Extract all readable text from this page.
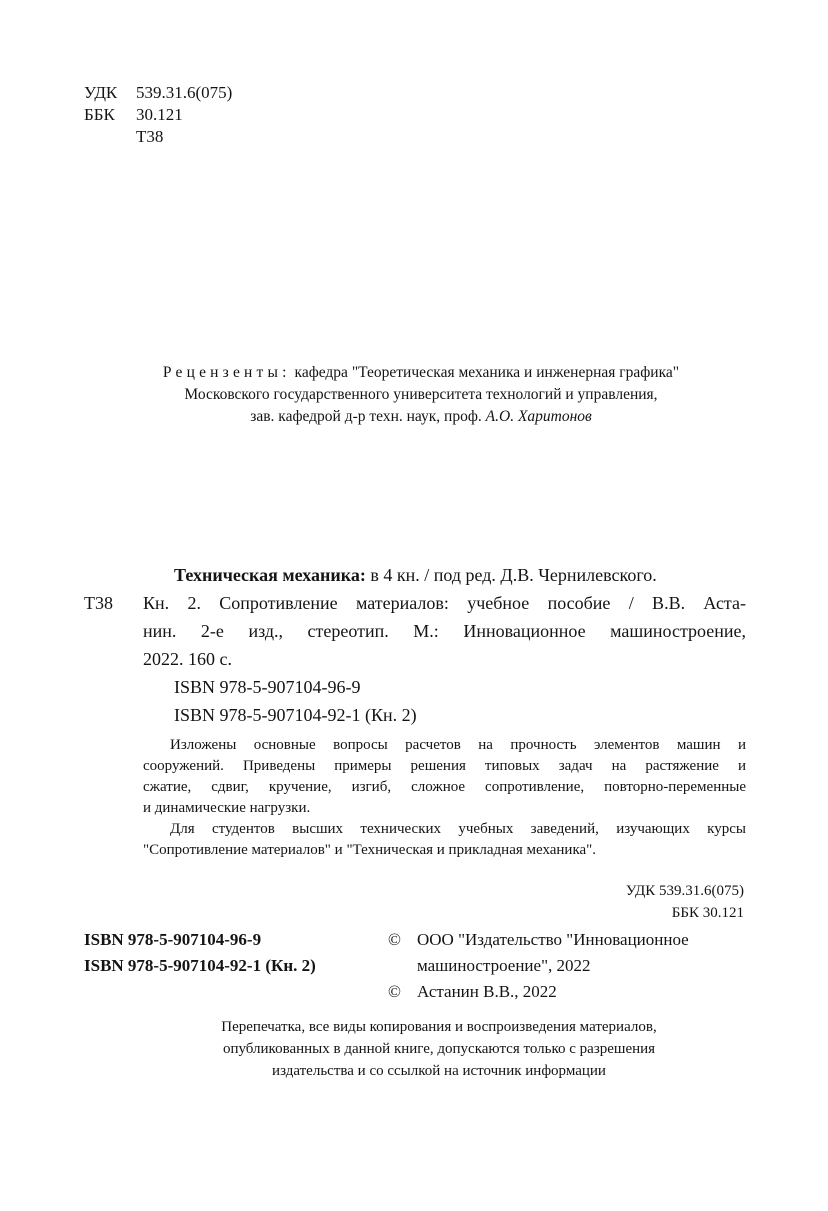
УДК	539.31.6(075)
ББК	30.121
Т38
Рецензенты: кафедра "Теоретическая механика и инженерная графика"
Московского государственного университета технологий и управления,
зав. кафедрой д-р техн. наук, проф. А.О. Харитонов
Техническая механика: в 4 кн. / под ред. Д.В. Чернилевского.
Т38 Кн. 2. Сопротивление материалов: учебное пособие / В.В. Аста-
нин. 2-е изд., стереотип. М.: Инновационное машиностроение,
2022. 160 с.
ISBN 978-5-907104-96-9
ISBN 978-5-907104-92-1 (Кн. 2)
Изложены основные вопросы расчетов на прочность элементов машин и
сооружений. Приведены примеры решения типовых задач на растяжение и
сжатие, сдвиг, кручение, изгиб, сложное сопротивление, повторно-переменные
и динамические нагрузки.
Для студентов высших технических учебных заведений, изучающих курсы
"Сопротивление материалов" и "Техническая и прикладная механика".
УДК 539.31.6(075)
ББК 30.121
ISBN 978-5-907104-96-9
ISBN 978-5-907104-92-1 (Кн. 2)
© ООО "Издательство "Инновационное
машиностроение", 2022
© Астанин В.В., 2022
Перепечатка, все виды копирования и воспроизведения материалов,
опубликованных в данной книге, допускаются только с разрешения
издательства и со ссылкой на источник информации
